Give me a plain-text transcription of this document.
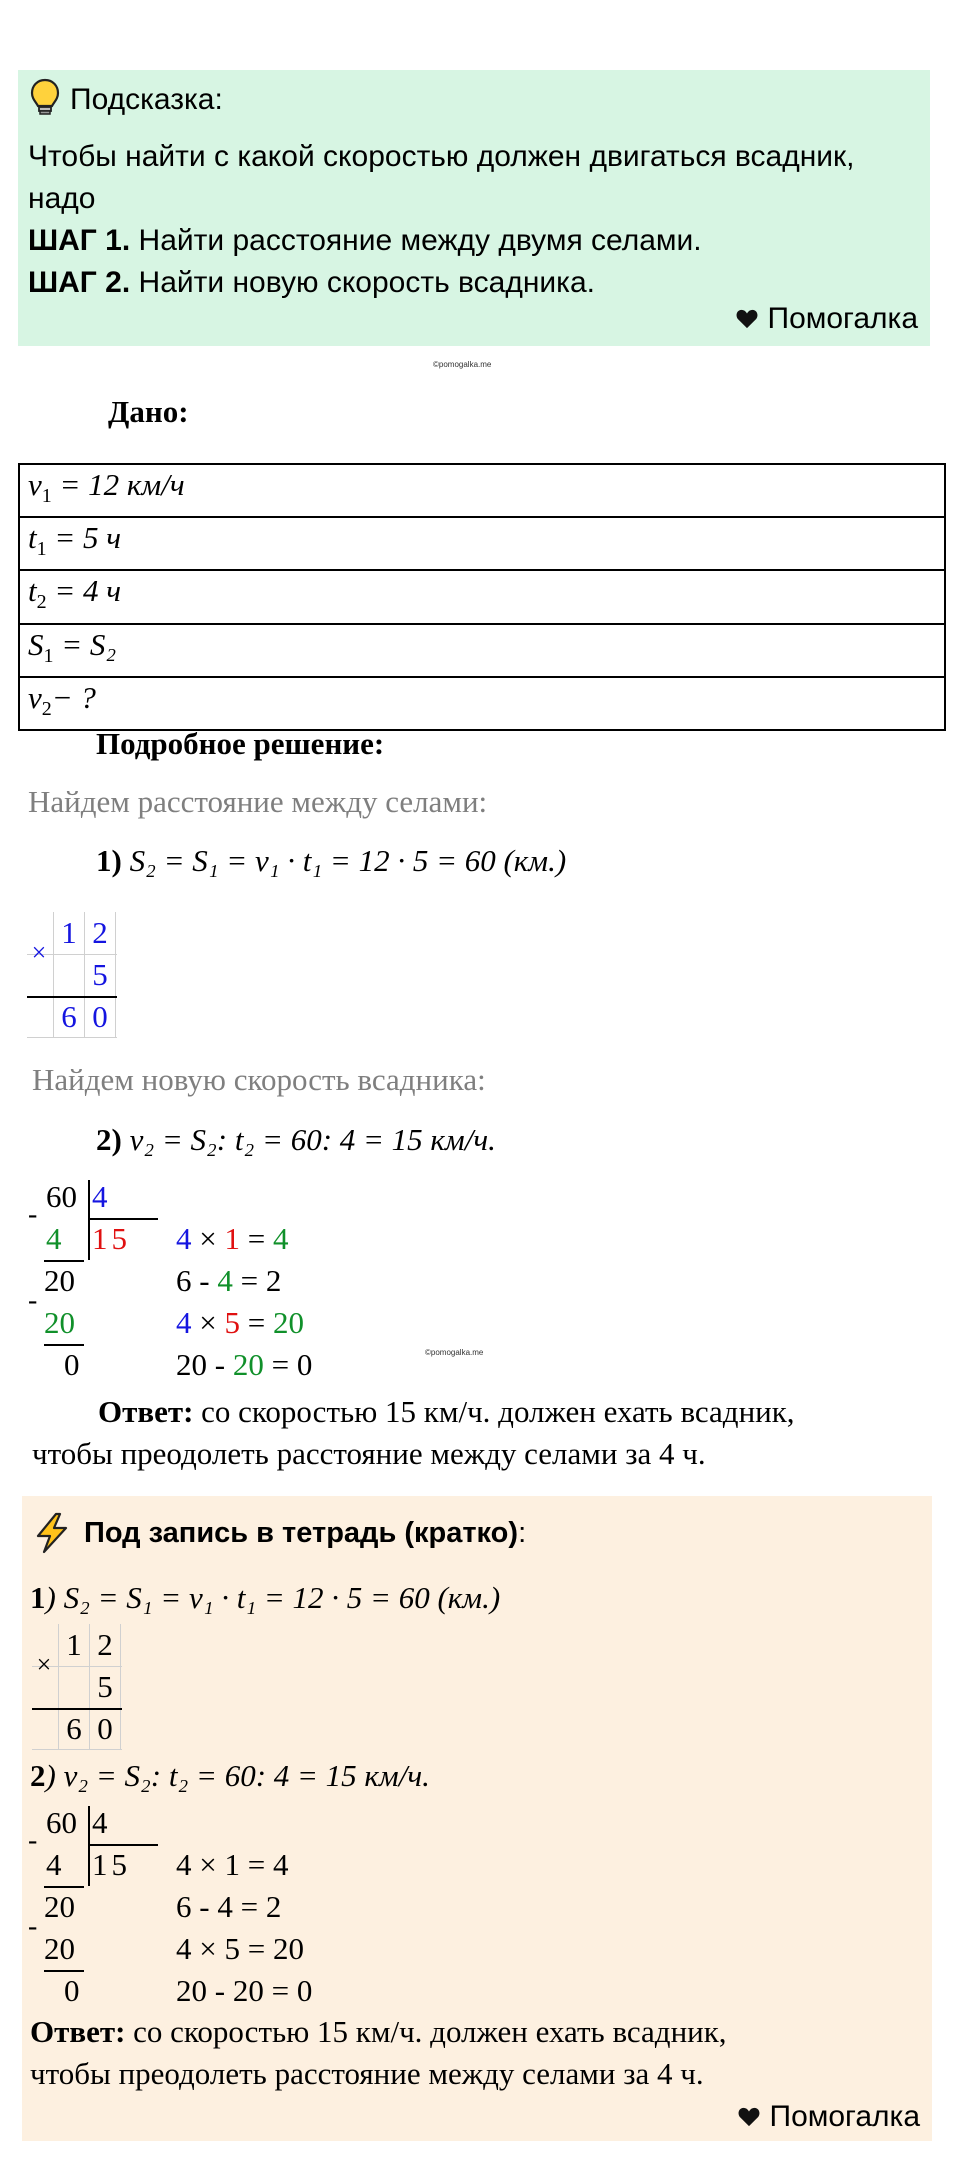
Подсказка:
Чтобы найти с какой скоростью должен двигаться всадник,
надо
ШАГ 1. Найти расстояние между двумя селами.
ШАГ 2. Найти новую скорость всадника.
Помогалка
©pomogalka.me
Дано:
$v_1 = 12$ км/ч
$t_1 = 5$ ч
$t_2 = 4$ ч
$S_1 = S_2$
$v_2-$ ?
Подробное решение:
Найдем расстояние между селами:
1) S₂ = S₁ = v₁ · t₁ = 12 · 5 = 60 (км.)
×
1 2
5
6 0
Найдем новую скорость всадника:
2) v₂ = S₂: t₂ = 60: 4 = 15 км/ч.
60 4
-
4 1 5
20
-
20
0
4 × 1 = 4
6 - 4 = 2
4 × 5 = 20
20 - 20 = 0	©pomogalka.me
Ответ: со скоростью 15 км/ч. должен ехать всадник,
чтобы преодолеть расстояние между селами за 4 ч.
Под запись в тетрадь (кратко) :
1) S₂ = S₁ = v₁ · t₁ = 12 · 5 = 60 (км.)
×
1 2
5
6 0
2) v₂ = S₂: t₂ = 60: 4 = 15 км/ч.
60 4
-
4 1 5
20
-
20
0
4 × 1 = 4
6 - 4 = 2
4 × 5 = 20
20 - 20 = 0
Ответ: со скоростью 15 км/ч. должен ехать всадник,
чтобы преодолеть расстояние между селами за 4 ч.
Помогалка
